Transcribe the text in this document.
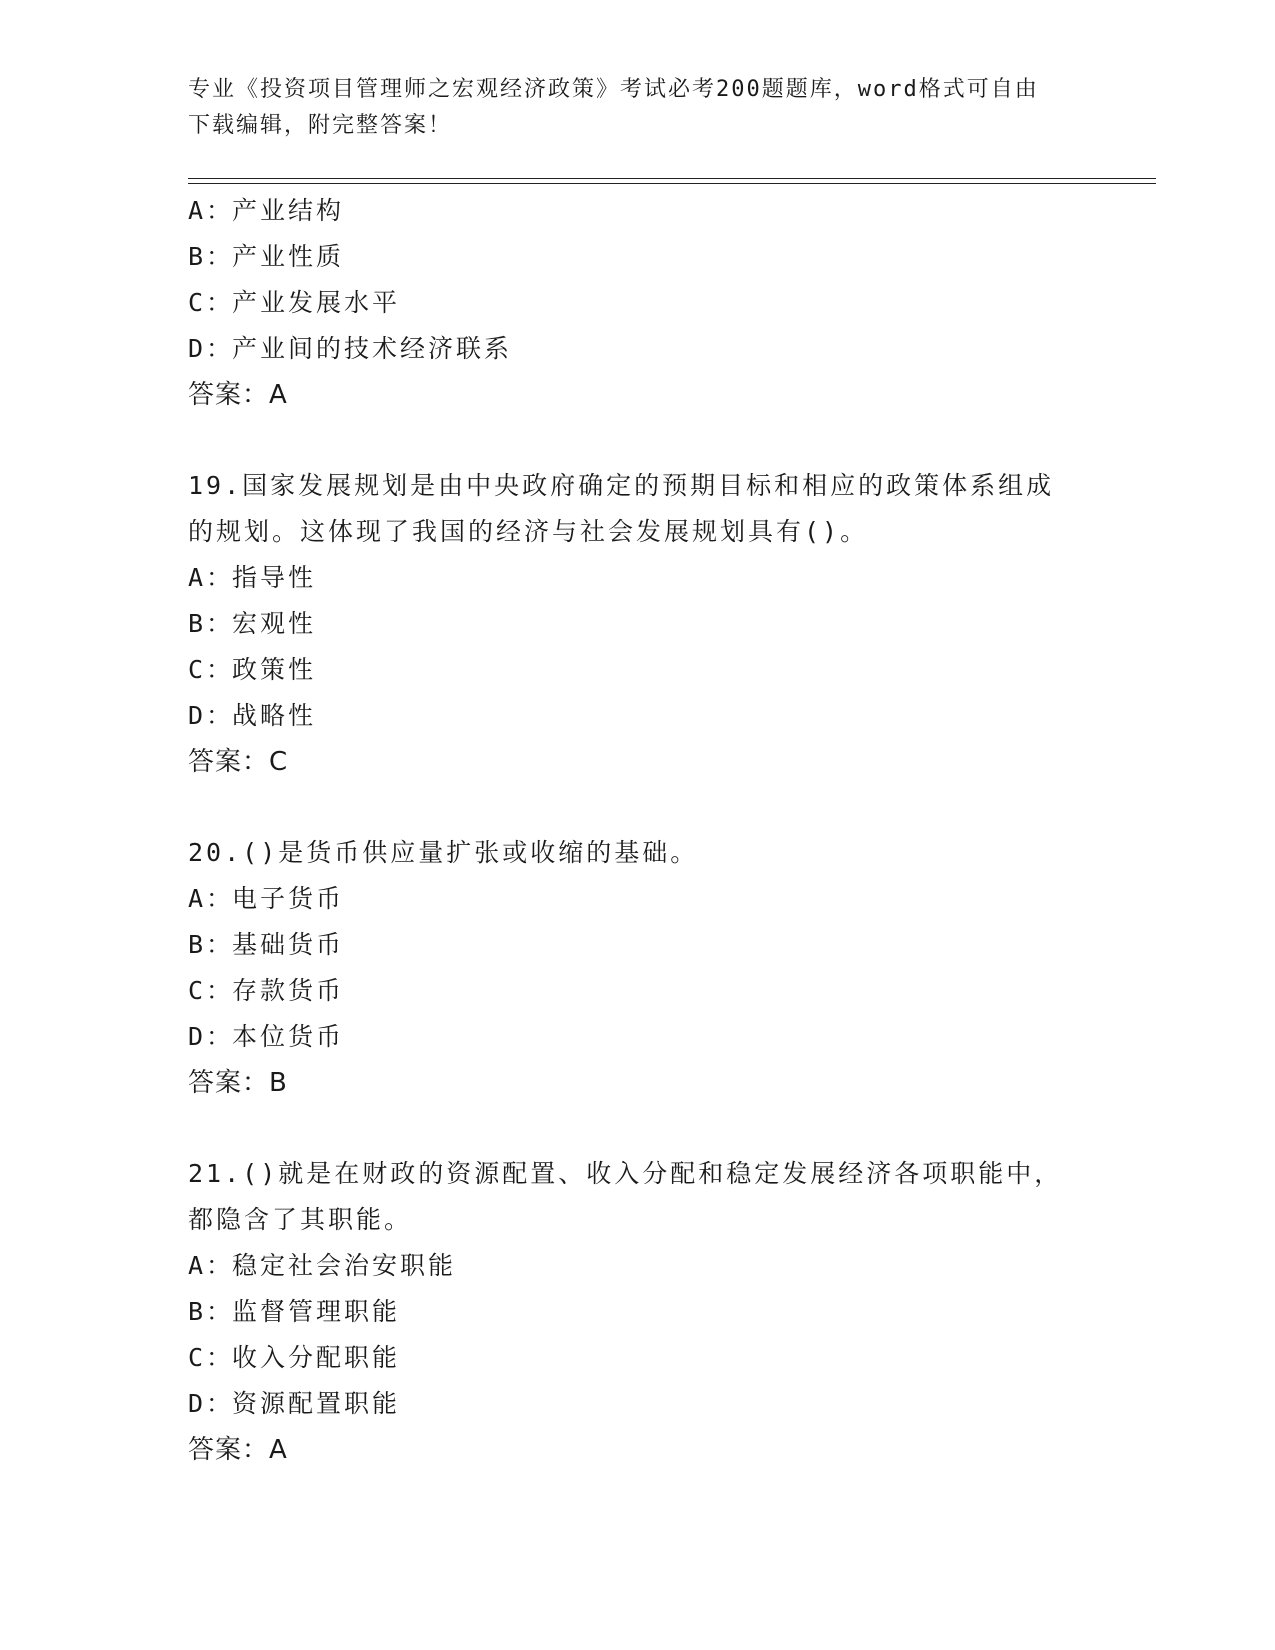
专业《投资项目管理师之宏观经济政策》考试必考200题题库，word格式可自由
下载编辑，附完整答案！
A：产业结构
B：产业性质
C：产业发展水平
D：产业间的技术经济联系
答案：A
19.国家发展规划是由中央政府确定的预期目标和相应的政策体系组成
的规划。这体现了我国的经济与社会发展规划具有()。
A：指导性
B：宏观性
C：政策性
D：战略性
答案：C
20.()是货币供应量扩张或收缩的基础。
A：电子货币
B：基础货币
C：存款货币
D：本位货币
答案：B
21.()就是在财政的资源配置、收入分配和稳定发展经济各项职能中，
都隐含了其职能。
A：稳定社会治安职能
B：监督管理职能
C：收入分配职能
D：资源配置职能
答案：A
